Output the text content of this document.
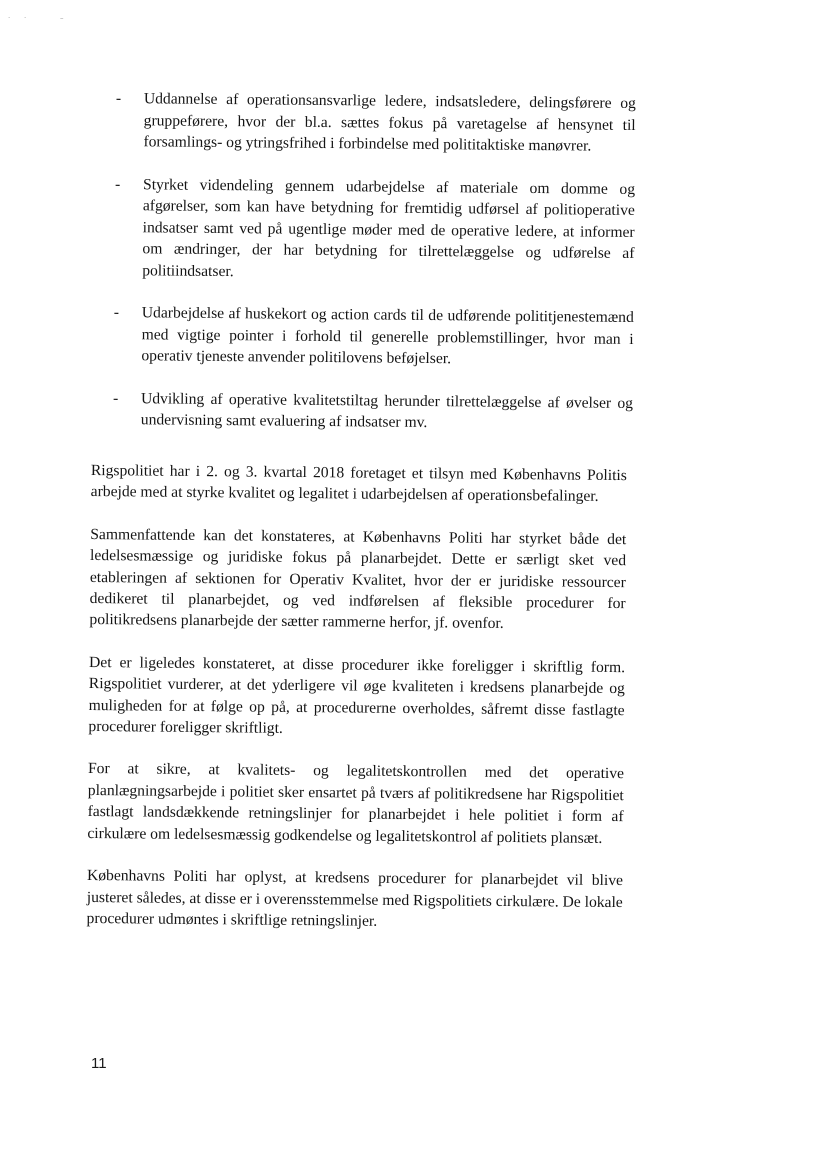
· ·	–
- Uddannelse af operationsansvarlige ledere, indsatsledere, delingsførere og gruppeførere, hvor der bl.a. sættes fokus på varetagelse af hensynet til forsamlings- og ytringsfrihed i forbindelse med polititaktiske manøvrer.
- Styrket videndeling gennem udarbejdelse af materiale om domme og afgørelser, som kan have betydning for fremtidig udførsel af politioperative indsatser samt ved på ugentlige møder med de operative ledere, at informer om ændringer, der har betydning for tilrettelæggelse og udførelse af politiindsatser.
- Udarbejdelse af huskekort og action cards til de udførende polititjenestemænd med vigtige pointer i forhold til generelle problemstillinger, hvor man i operativ tjeneste anvender politilovens beføjelser.
- Udvikling af operative kvalitetstiltag herunder tilrettelæggelse af øvelser og undervisning samt evaluering af indsatser mv.

Rigspolitiet har i 2. og 3. kvartal 2018 foretaget et tilsyn med Københavns Politis arbejde med at styrke kvalitet og legalitet i udarbejdelsen af operationsbefalinger.

Sammenfattende kan det konstateres, at Københavns Politi har styrket både det ledelsesmæssige og juridiske fokus på planarbejdet. Dette er særligt sket ved etableringen af sektionen for Operativ Kvalitet, hvor der er juridiske ressourcer dedikeret til planarbejdet, og ved indførelsen af fleksible procedurer for politikredsens planarbejde der sætter rammerne herfor, jf. ovenfor.

Det er ligeledes konstateret, at disse procedurer ikke foreligger i skriftlig form. Rigspolitiet vurderer, at det yderligere vil øge kvaliteten i kredsens planarbejde og muligheden for at følge op på, at procedurerne overholdes, såfremt disse fastlagte procedurer foreligger skriftligt.

For at sikre, at kvalitets- og legalitetskontrollen med det operative planlægningsarbejde i politiet sker ensartet på tværs af politikredsene har Rigspolitiet fastlagt landsdækkende retningslinjer for planarbejdet i hele politiet i form af cirkulære om ledelsesmæssig godkendelse og legalitetskontrol af politiets plansæt.

Københavns Politi har oplyst, at kredsens procedurer for planarbejdet vil blive justeret således, at disse er i overensstemmelse med Rigspolitiets cirkulære. De lokale procedurer udmøntes i skriftlige retningslinjer.

11
